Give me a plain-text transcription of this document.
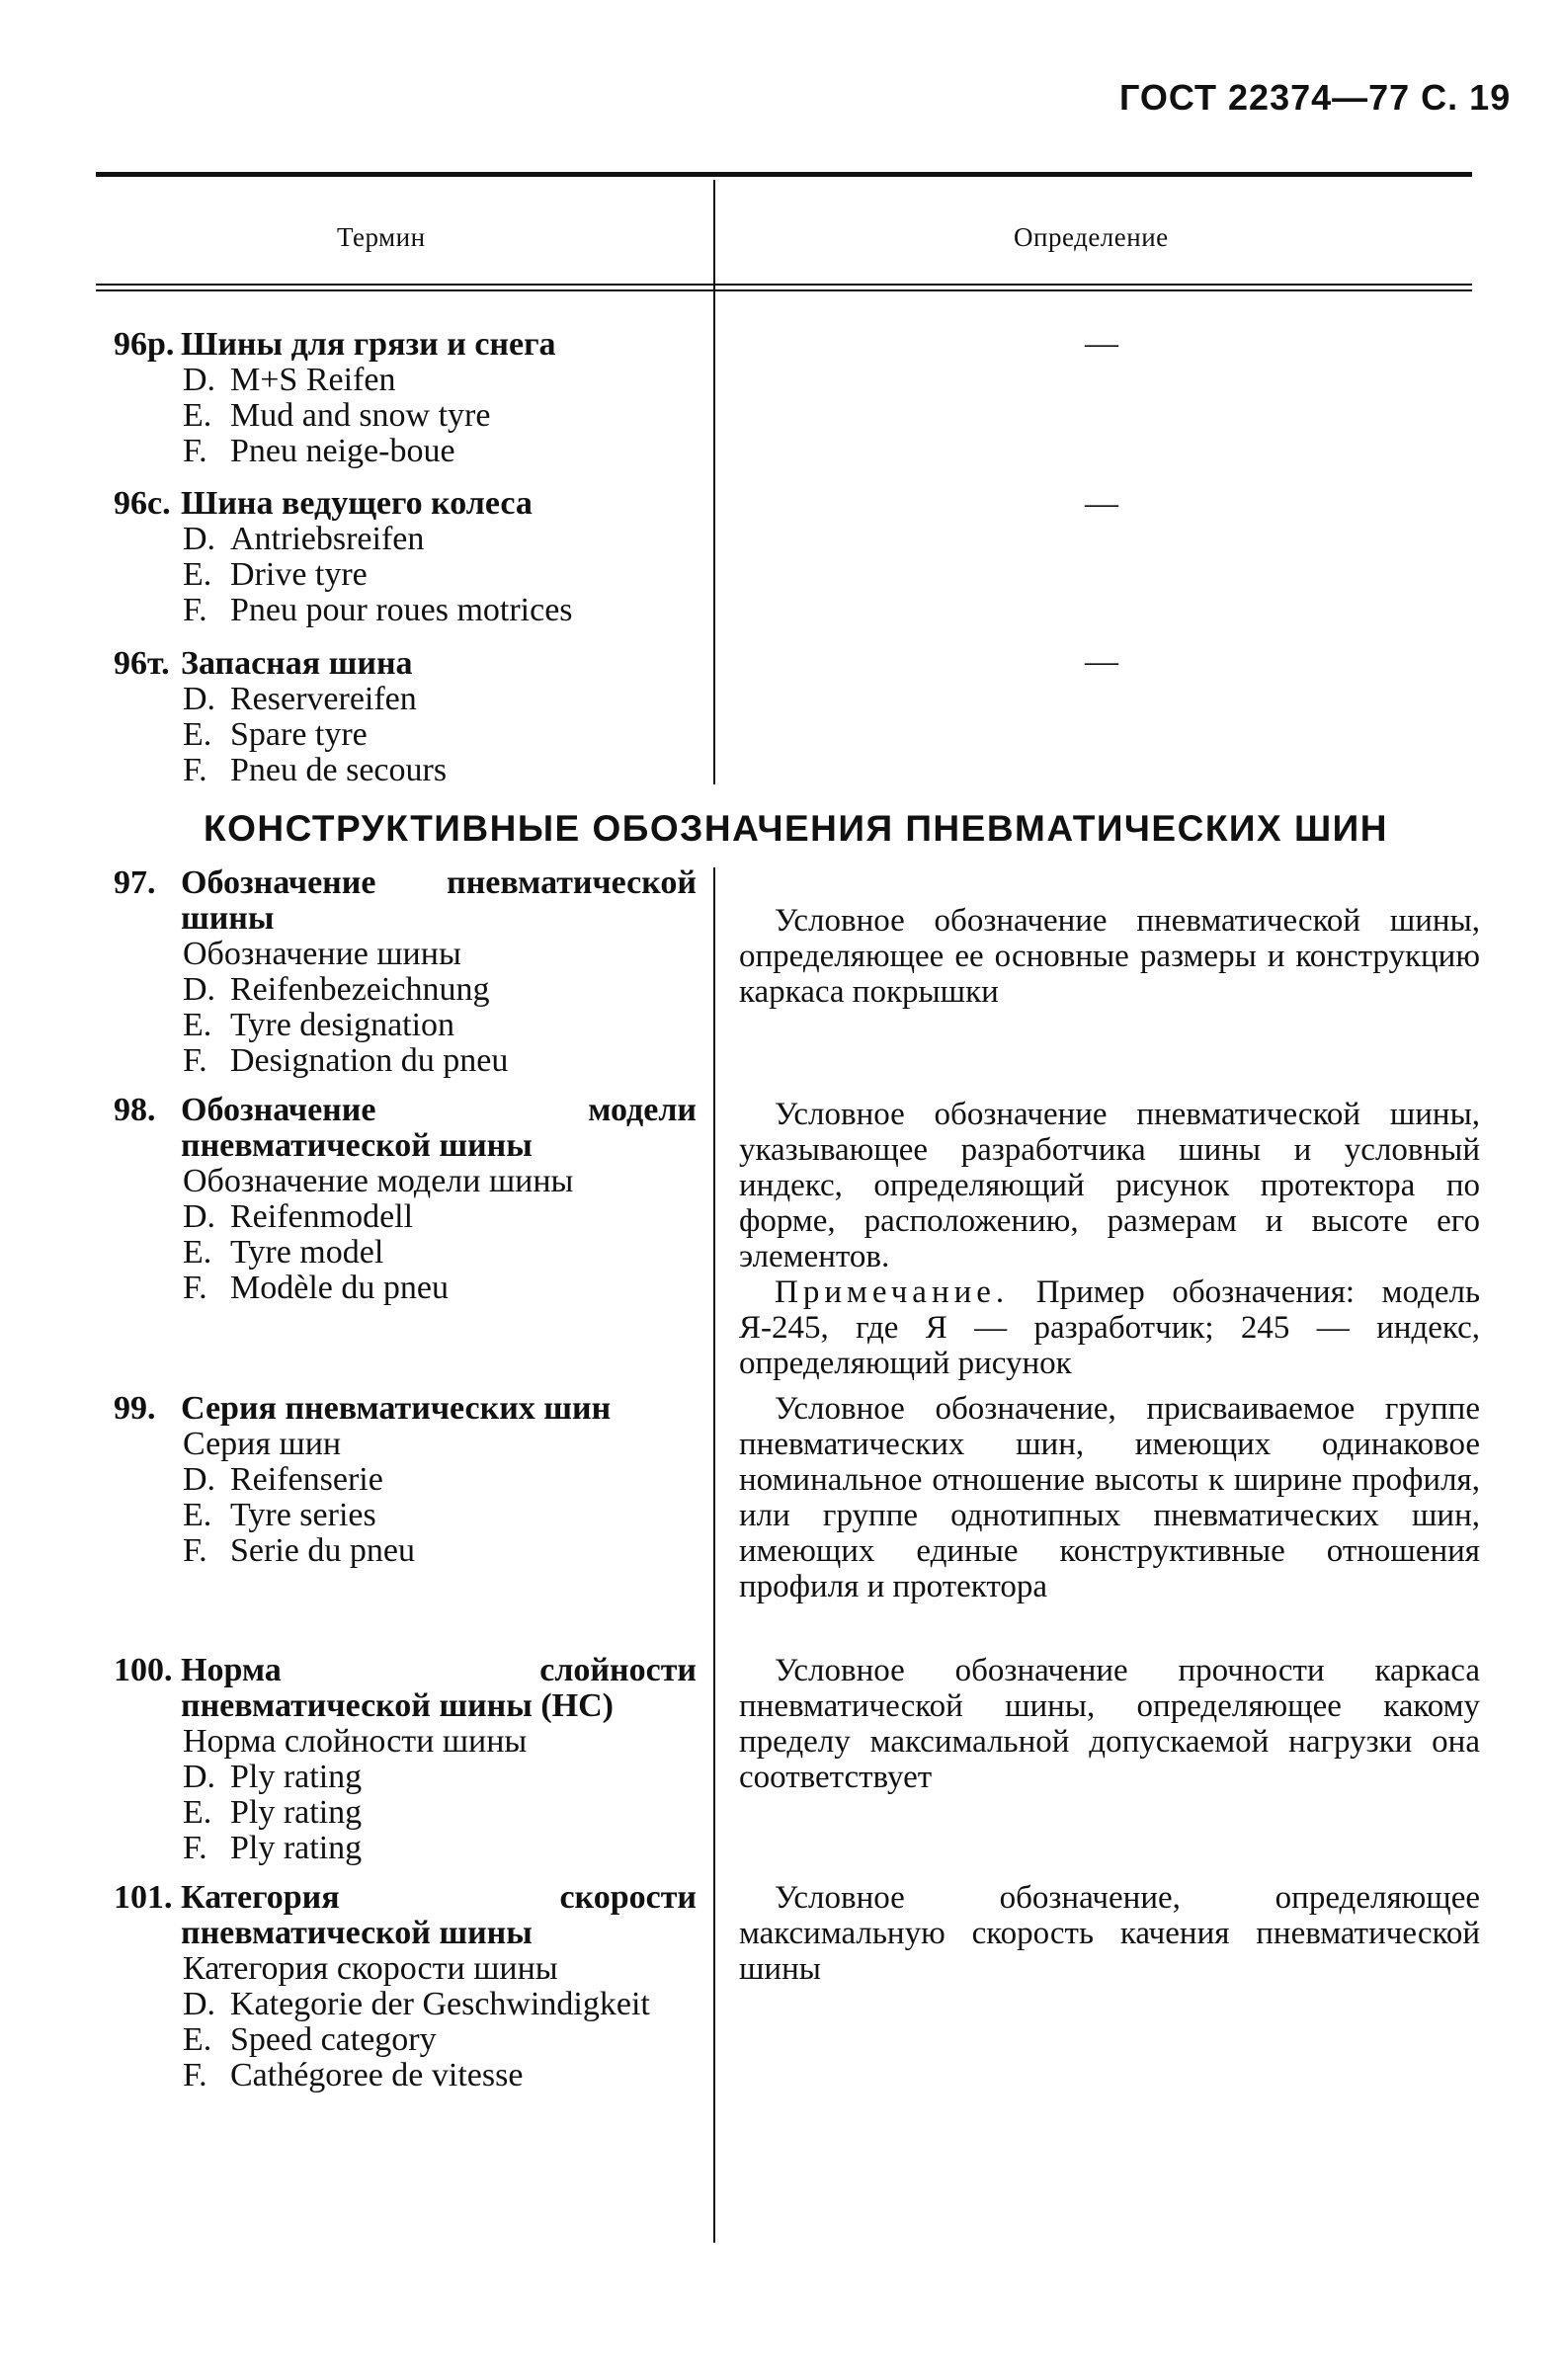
ГОСТ 22374—77 С. 19
Термин	Определение
96р. Шины для грязи и снега
D. M+S Reifen
E. Mud and snow tyre
F. Pneu neige-boue
—
96с. Шина ведущего колеса
D. Antriebsreifen
E. Drive tyre
F. Pneu pour roues motrices
—
96т. Запасная шина
D. Reservereifen
E. Spare tyre
F. Pneu de secours
—
КОНСТРУКТИВНЫЕ ОБОЗНАЧЕНИЯ ПНЕВМАТИЧЕСКИХ ШИН
97. Обозначение пневматической шины
Обозначение шины
D. Reifenbezeichnung
E. Tyre designation
F. Designation du pneu
Условное обозначение пневматической шины, определяющее ее основные размеры и конструкцию каркаса покрышки
98. Обозначение модели пневматической шины
Обозначение модели шины
D. Reifenmodell
E. Tyre model
F. Modèle du pneu
Условное обозначение пневматической шины, указывающее разработчика шины и условный индекс, определяющий рисунок протектора по форме, расположению, размерам и высоте его элементов.
Примечание. Пример обозначения: модель Я-245, где Я — разработчик; 245 — индекс, определяющий рисунок
99. Серия пневматических шин
Серия шин
D. Reifenserie
E. Tyre series
F. Serie du pneu
Условное обозначение, присваиваемое группе пневматических шин, имеющих одинаковое номинальное отношение высоты к ширине профиля, или группе однотипных пневматических шин, имеющих единые конструктивные отношения профиля и протектора
100. Норма слойности пневматической шины (НС)
Норма слойности шины
D. Ply rating
E. Ply rating
F. Ply rating
Условное обозначение прочности каркаса пневматической шины, определяющее какому пределу максимальной допускаемой нагрузки она соответствует
101. Категория скорости пневматической шины
Категория скорости шины
D. Kategorie der Geschwindigkeit
E. Speed category
F. Cathégoree de vitesse
Условное обозначение, определяющее максимальную скорость качения пневматической шины
